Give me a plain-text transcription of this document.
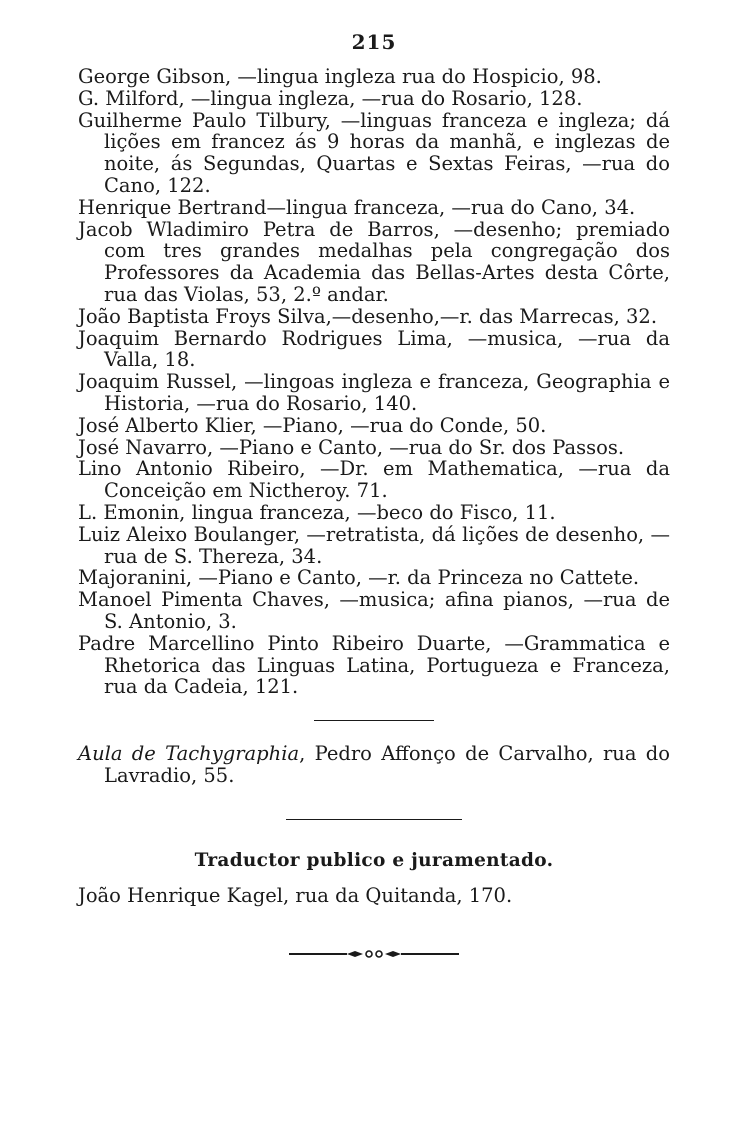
215

George Gibson, —lingua ingleza rua do Hospicio, 98.

G. Milford, —lingua ingleza, —rua do Rosario, 128.

Guilherme Paulo Tilbury, —linguas franceza e ingleza; dá lições em francez ás 9 horas da manhã, e inglezas de noite, ás Segundas, Quartas e Sextas Feiras, —rua do Cano, 122.

Henrique Bertrand—lingua franceza, —rua do Cano, 34.

Jacob Wladimiro Petra de Barros, —desenho; premiado com tres grandes medalhas pela congregação dos Professores da Academia das Bellas-Artes desta Côrte, rua das Violas, 53, 2.º andar.

João Baptista Froys Silva,—desenho,—r. das Marrecas, 32.

Joaquim Bernardo Rodrigues Lima, —musica, —rua da Valla, 18.

Joaquim Russel, —lingoas ingleza e franceza, Geographia e Historia, —rua do Rosario, 140.

José Alberto Klier, —Piano, —rua do Conde, 50.

José Navarro, —Piano e Canto, —rua do Sr. dos Passos.

Lino Antonio Ribeiro, —Dr. em Mathematica, —rua da Conceição em Nictheroy. 71.

L. Emonin, lingua franceza, —beco do Fisco, 11.

Luiz Aleixo Boulanger, —retratista, dá lições de desenho, —rua de S. Thereza, 34.

Majoranini, —Piano e Canto, —r. da Princeza no Cattete.

Manoel Pimenta Chaves, —musica; afina pianos, —rua de S. Antonio, 3.

Padre Marcellino Pinto Ribeiro Duarte, —Grammatica e Rhetorica das Linguas Latina, Portugueza e Franceza, rua da Cadeia, 121.

Aula de Tachygraphia, Pedro Affonço de Carvalho, rua do Lavradio, 55.

Traductor publico e juramentado.

João Henrique Kagel, rua da Quitanda, 170.
